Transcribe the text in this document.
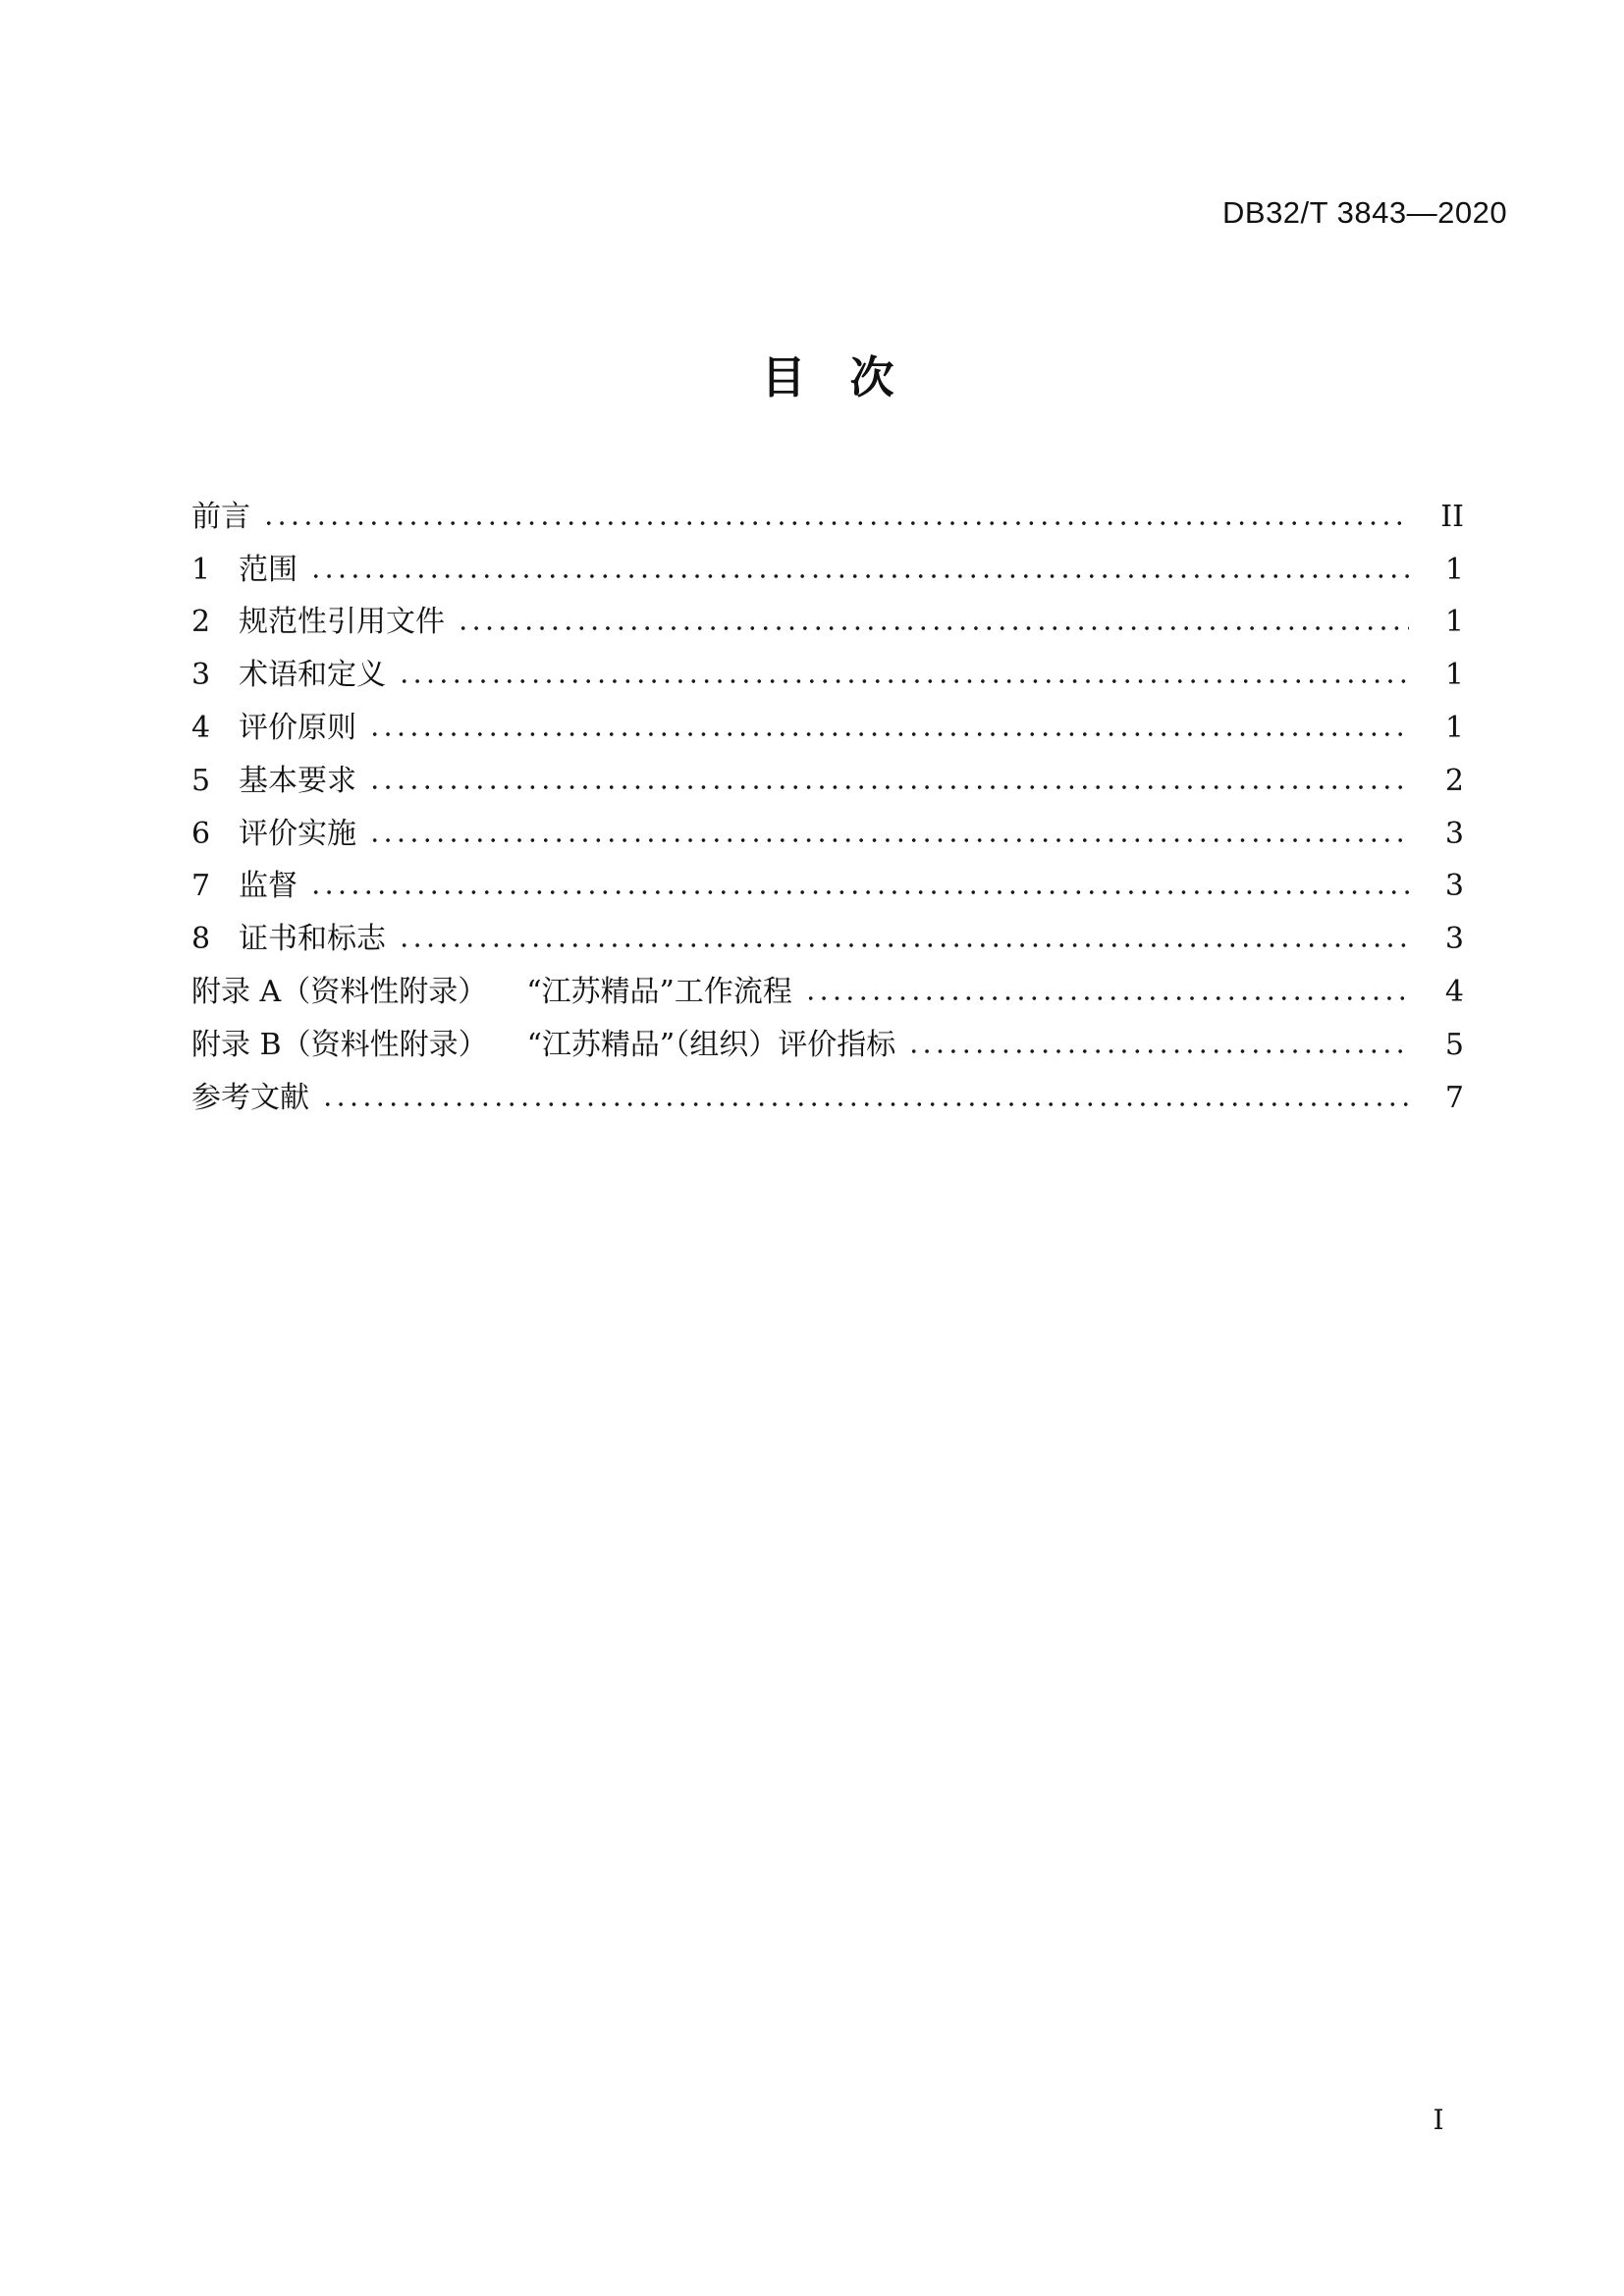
DB32/T 3843—2020
目　次
前言	II
1 范围	1
2 规范性引用文件	1
3 术语和定义	1
4 评价原则	1
5 基本要求	2
6 评价实施	3
7 监督	3
8 证书和标志	3
附录 A（资料性附录） “江苏精品”工作流程	4
附录 B（资料性附录） “江苏精品”（组织）评价指标	5
参考文献	7
I
